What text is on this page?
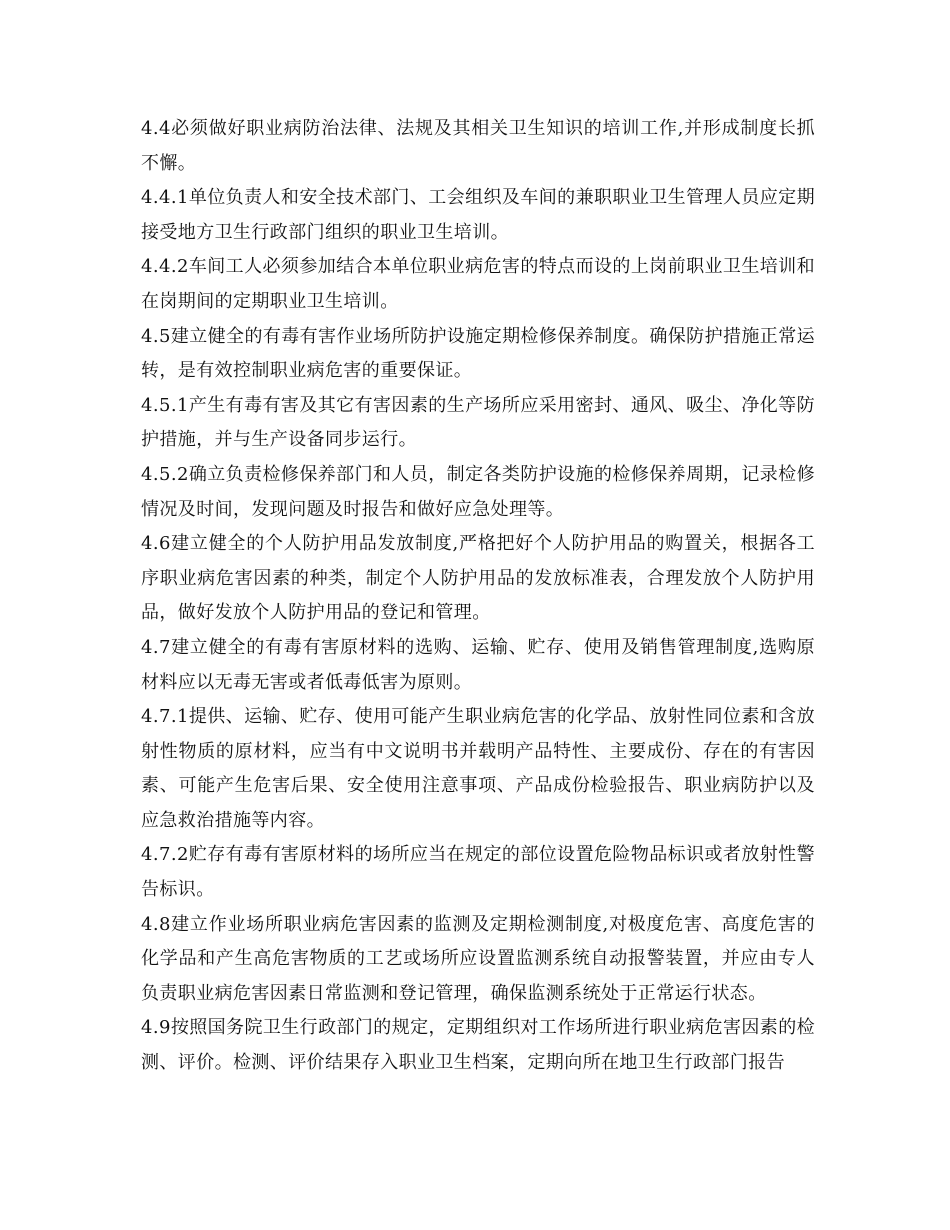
4.4必须做好职业病防治法律、法规及其相关卫生知识的培训工作,并形成制度长抓不懈。

4.4.1单位负责人和安全技术部门、工会组织及车间的兼职职业卫生管理人员应定期接受地方卫生行政部门组织的职业卫生培训。

4.4.2车间工人必须参加结合本单位职业病危害的特点而设的上岗前职业卫生培训和在岗期间的定期职业卫生培训。

4.5建立健全的有毒有害作业场所防护设施定期检修保养制度。确保防护措施正常运转，是有效控制职业病危害的重要保证。

4.5.1产生有毒有害及其它有害因素的生产场所应采用密封、通风、吸尘、净化等防护措施，并与生产设备同步运行。

4.5.2确立负责检修保养部门和人员，制定各类防护设施的检修保养周期，记录检修情况及时间，发现问题及时报告和做好应急处理等。

4.6建立健全的个人防护用品发放制度,严格把好个人防护用品的购置关，根据各工序职业病危害因素的种类，制定个人防护用品的发放标准表，合理发放个人防护用品，做好发放个人防护用品的登记和管理。

4.7建立健全的有毒有害原材料的选购、运输、贮存、使用及销售管理制度,选购原材料应以无毒无害或者低毒低害为原则。

4.7.1提供、运输、贮存、使用可能产生职业病危害的化学品、放射性同位素和含放射性物质的原材料，应当有中文说明书并载明产品特性、主要成份、存在的有害因素、可能产生危害后果、安全使用注意事项、产品成份检验报告、职业病防护以及应急救治措施等内容。

4.7.2贮存有毒有害原材料的场所应当在规定的部位设置危险物品标识或者放射性警告标识。

4.8建立作业场所职业病危害因素的监测及定期检测制度,对极度危害、高度危害的化学品和产生高危害物质的工艺或场所应设置监测系统自动报警装置，并应由专人负责职业病危害因素日常监测和登记管理，确保监测系统处于正常运行状态。

4.9按照国务院卫生行政部门的规定，定期组织对工作场所进行职业病危害因素的检测、评价。检测、评价结果存入职业卫生档案，定期向所在地卫生行政部门报告
